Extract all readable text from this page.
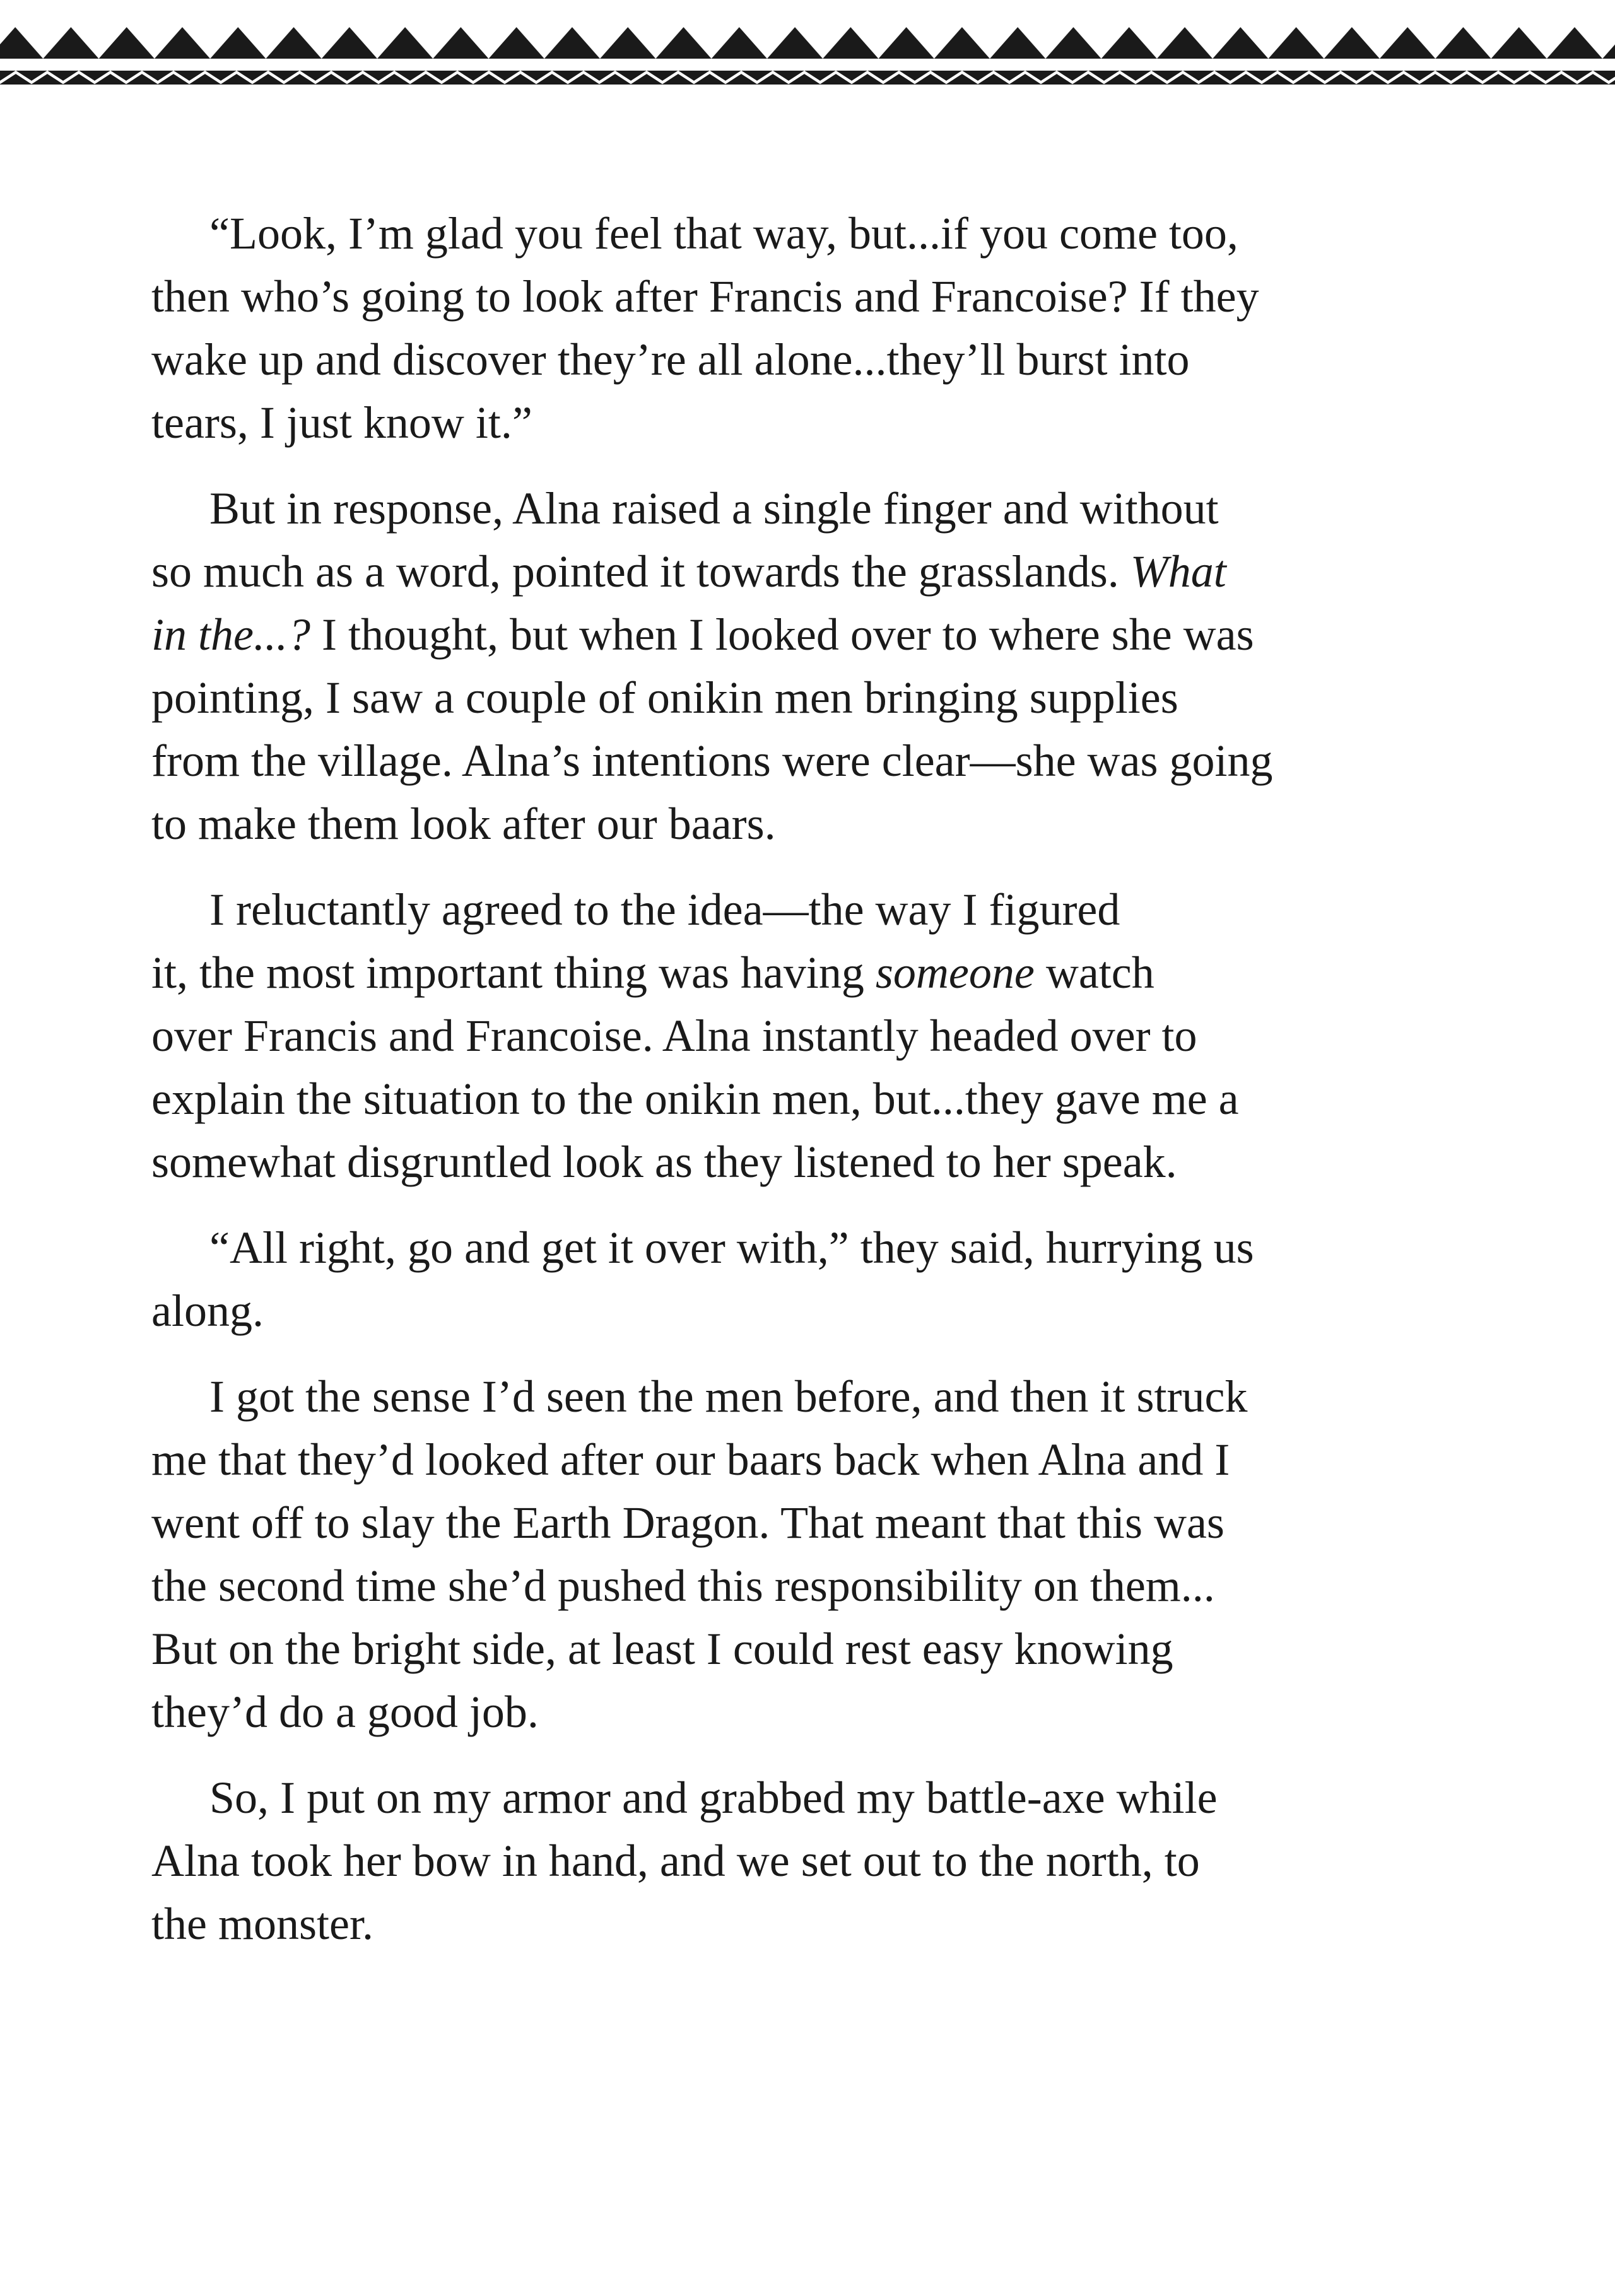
“Look, I’m glad you feel that way, but...if you come too,
then who’s going to look after Francis and Francoise? If they
wake up and discover they’re all alone...they’ll burst into
tears, I just know it.”

But in response, Alna raised a single finger and without
so much as a word, pointed it towards the grasslands. What
in the...? I thought, but when I looked over to where she was
pointing, I saw a couple of onikin men bringing supplies
from the village. Alna’s intentions were clear—she was going
to make them look after our baars.

I reluctantly agreed to the idea—the way I figured
it, the most important thing was having someone watch
over Francis and Francoise. Alna instantly headed over to
explain the situation to the onikin men, but...they gave me a
somewhat disgruntled look as they listened to her speak.

“All right, go and get it over with,” they said, hurrying us
along.

I got the sense I’d seen the men before, and then it struck
me that they’d looked after our baars back when Alna and I
went off to slay the Earth Dragon. That meant that this was
the second time she’d pushed this responsibility on them...
But on the bright side, at least I could rest easy knowing
they’d do a good job.

So, I put on my armor and grabbed my battle-axe while
Alna took her bow in hand, and we set out to the north, to
the monster.
